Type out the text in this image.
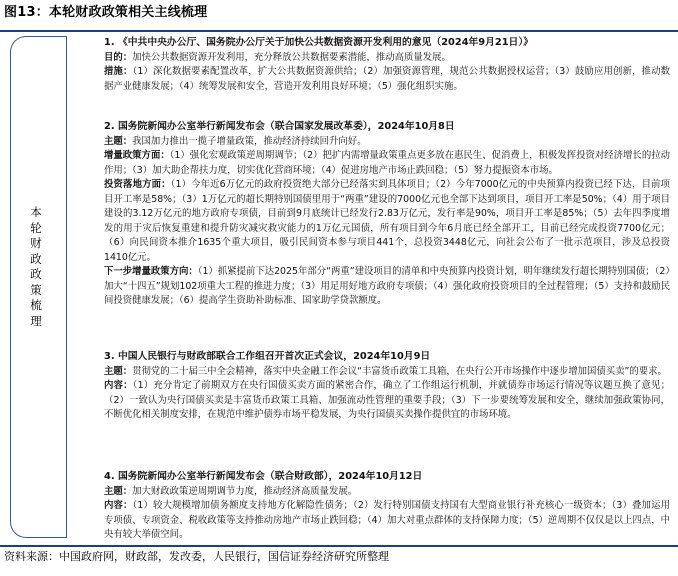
图13：本轮财政政策相关主线梳理
本轮财政政策梳理
1. 《中共中央办公厅、国务院办公厅关于加快公共数据资源开发利用的意见（2024年9月21日）》

目的：加快公共数据资源开发利用，充分释放公共数据要素潜能，推动高质量发展。

措施：（1）深化数据要素配置改革，扩大公共数据资源供给；（2）加强资源管理，规范公共数据授权运营；（3）鼓励应用创新，推动数据产业健康发展；（4）统筹发展和安全，营造开发利用良好环境；（5）强化组织实施。

2. 国务院新闻办公室举行新闻发布会（联合国家发展改革委），2024年10月8日

主题：我国加力推出一揽子增量政策，推动经济持续回升向好。

增量政策方面：（1）强化宏观政策逆周期调节；（2）把扩内需增量政策重点更多放在惠民生、促消费上，积极发挥投资对经济增长的拉动作用；（3）加大助企帮扶力度，切实优化营商环境；（4）促进房地产市场止跌回稳；（5）努力提振资本市场。

投资落地方面：（1）今年近6万亿元的政府投资绝大部分已经落实到具体项目；（2）今年7000亿元的中央预算内投资已经下达，目前项目开工率是58%；（3）1万亿元的超长期特别国债里用于“两重”建设的7000亿元也全部下达到项目，项目开工率是50%；（4）用于项目建设的3.12万亿元的地方政府专项债，目前到9月底统计已经发行2.83万亿元，发行率是90%，项目开工率是85%；（5）去年四季度增发的用于灾后恢复重建和提升防灾减灾救灾能力的1万亿元国债，所有项目到今年6月底已经全部开工，目前已经完成投资7700亿元；（6）向民间资本推介1635个重大项目，吸引民间资本参与项目441个，总投资3448亿元，向社会公布了一批示范项目，涉及总投资1410亿元。

下一步增量政策方向：（1）抓紧提前下达2025年部分“两重”建设项目的清单和中央预算内投资计划，明年继续发行超长期特别国债；（2）加大“十四五”规划102项重大工程的推进力度；（3）用足用好地方政府专项债；（4）强化政府投资项目的全过程管理；（5）支持和鼓励民间投资健康发展；（6）提高学生资助补助标准、国家助学贷款额度。

3. 中国人民银行与财政部联合工作组召开首次正式会议，2024年10月9日

主题：贯彻党的二十届三中全会精神，落实中央金融工作会议“丰富货币政策工具箱，在央行公开市场操作中逐步增加国债买卖”的要求。

内容：（1）充分肯定了前期双方在央行国债买卖方面的紧密合作，确立了工作组运行机制，并就债券市场运行情况等议题互换了意见；（2）一致认为央行国债买卖是丰富货币政策工具箱、加强流动性管理的重要手段；（3）下一步要统筹发展和安全，继续加强政策协同，不断优化相关制度安排，在规范中维护债券市场平稳发展，为央行国债买卖操作提供宜的市场环境。

4. 国务院新闻办公室举行新闻发布会（联合财政部），2024年10月12日

主题：加大财政政策逆周期调节力度，推动经济高质量发展。

内容：（1）较大规模增加债务额度支持地方化解隐性债务；（2）发行特别国债支持国有大型商业银行补充核心一级资本；（3）叠加运用专项债、专项资金、税收政策等支持推动房地产市场止跌回稳；（4）加大对重点群体的支持保障力度；（5）逆周期不仅仅是以上四点，中央有较大举债空间。

资料来源：中国政府网，财政部，发改委，人民银行，国信证券经济研究所整理
